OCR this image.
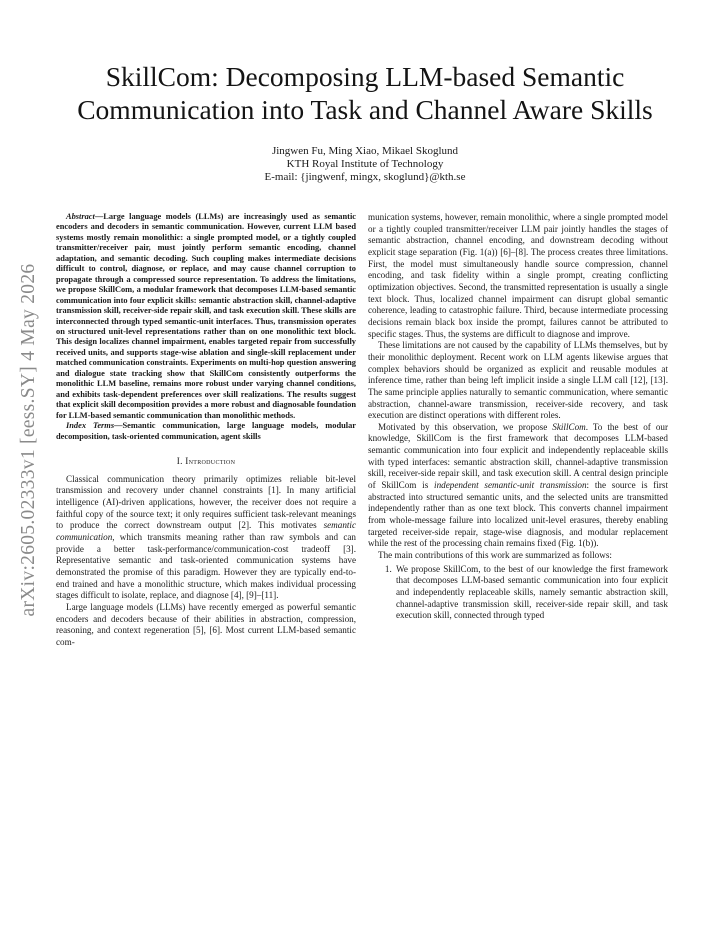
arXiv:2605.02333v1 [eess.SY] 4 May 2026
SkillCom: Decomposing LLM-based Semantic
Communication into Task and Channel Aware Skills
Jingwen Fu, Ming Xiao, Mikael Skoglund
KTH Royal Institute of Technology
E-mail: {jingwenf, mingx, skoglund}@kth.se

Abstract—Large language models (LLMs) are increasingly used as semantic encoders and decoders in semantic communication. However, current LLM based systems mostly remain monolithic: a single prompted model, or a tightly coupled transmitter/receiver pair, must jointly perform semantic encoding, channel adaptation, and semantic decoding. Such coupling makes intermediate decisions difficult to control, diagnose, or replace, and may cause channel corruption to propagate through a compressed source representation. To address the limitations, we propose SkillCom, a modular framework that decomposes LLM-based semantic communication into four explicit skills: semantic abstraction skill, channel-adaptive transmission skill, receiver-side repair skill, and task execution skill. These skills are interconnected through typed semantic-unit interfaces. Thus, transmission operates on structured unit-level representations rather than on one monolithic text block. This design localizes channel impairment, enables targeted repair from successfully received units, and supports stage-wise ablation and single-skill replacement under matched communication constraints. Experiments on multi-hop question answering and dialogue state tracking show that SkillCom consistently outperforms the monolithic LLM baseline, remains more robust under varying channel conditions, and exhibits task-dependent preferences over skill realizations. The results suggest that explicit skill decomposition provides a more robust and diagnosable foundation for LLM-based semantic communication than monolithic methods.

Index Terms—Semantic communication, large language models, modular decomposition, task-oriented communication, agent skills

I. Introduction

Classical communication theory primarily optimizes reliable bit-level transmission and recovery under channel constraints [1]. In many artificial intelligence (AI)-driven applications, however, the receiver does not require a faithful copy of the source text; it only requires sufficient task-relevant meanings to produce the correct downstream output [2]. This motivates semantic communication, which transmits meaning rather than raw symbols and can provide a better task-performance/communication-cost tradeoff [3]. Representative semantic and task-oriented communication systems have demonstrated the promise of this paradigm. However they are typically end-to-end trained and have a monolithic structure, which makes individual processing stages difficult to isolate, replace, and diagnose [4], [9]–[11].

Large language models (LLMs) have recently emerged as powerful semantic encoders and decoders because of their abilities in abstraction, compression, reasoning, and context regeneration [5], [6]. Most current LLM-based semantic com-

munication systems, however, remain monolithic, where a single prompted model or a tightly coupled transmitter/receiver LLM pair jointly handles the stages of semantic abstraction, channel encoding, and downstream decoding without explicit stage separation (Fig. 1(a)) [6]–[8]. The process creates three limitations. First, the model must simultaneously handle source compression, channel encoding, and task fidelity within a single prompt, creating conflicting optimization objectives. Second, the transmitted representation is usually a single text block. Thus, localized channel impairment can disrupt global semantic coherence, leading to catastrophic failure. Third, because intermediate processing decisions remain black box inside the prompt, failures cannot be attributed to specific stages. Thus, the systems are difficult to diagnose and improve.

These limitations are not caused by the capability of LLMs themselves, but by their monolithic deployment. Recent work on LLM agents likewise argues that complex behaviors should be organized as explicit and reusable modules at inference time, rather than being left implicit inside a single LLM call [12], [13]. The same principle applies naturally to semantic communication, where semantic abstraction, channel-aware transmission, receiver-side recovery, and task execution are distinct operations with different roles.

Motivated by this observation, we propose SkillCom. To the best of our knowledge, SkillCom is the first framework that decomposes LLM-based semantic communication into four explicit and independently replaceable skills with typed interfaces: semantic abstraction skill, channel-adaptive transmission skill, receiver-side repair skill, and task execution skill. A central design principle of SkillCom is independent semantic-unit transmission: the source is first abstracted into structured semantic units, and the selected units are transmitted independently rather than as one text block. This converts channel impairment from whole-message failure into localized unit-level erasures, thereby enabling targeted receiver-side repair, stage-wise diagnosis, and modular replacement while the rest of the processing chain remains fixed (Fig. 1(b)).

The main contributions of this work are summarized as follows:

1. We propose SkillCom, to the best of our knowledge the first framework that decomposes LLM-based semantic communication into four explicit and independently replaceable skills, namely semantic abstraction skill, channel-adaptive transmission skill, receiver-side repair skill, and task execution skill, connected through typed
